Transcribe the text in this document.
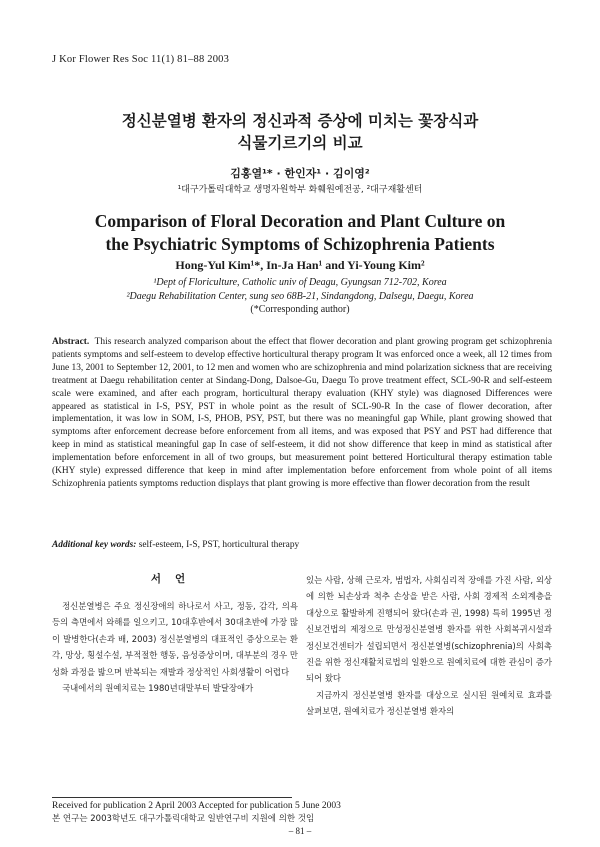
J Kor Flower Res Soc 11(1) 81–88 2003
정신분열병 환자의 정신과적 증상에 미치는 꽃장식과
식물기르기의 비교
김홍열¹* · 한인자¹ · 김이영²
¹대구가톨릭대학교 생명자원학부 화훼원예전공, ²대구재활센터
Comparison of Floral Decoration and Plant Culture on
the Psychiatric Symptoms of Schizophrenia Patients
Hong-Yul Kim¹*, In-Ja Han¹ and Yi-Young Kim²
¹Dept of Floriculture, Catholic univ of Deagu, Gyungsan 712-702, Korea
²Daegu Rehabilitation Center, sung seo 68B-21, Sindangdong, Dalsegu, Daegu, Korea
(*Corresponding author)
Abstract. This research analyzed comparison about the effect that flower decoration and plant growing program get schizophrenia patients symptoms and self-esteem to develop effective horticultural therapy program It was enforced once a week, all 12 times from June 13, 2001 to September 12, 2001, to 12 men and women who are schizophrenia and mind polarization sickness that are receiving treatment at Daegu rehabilitation center at Sindang-Dong, Dalsoe-Gu, Daegu To prove treatment effect, SCL-90-R and self-esteem scale were examined, and after each program, horticultural therapy evaluation (KHY style) was diagnosed Differences were appeared as statistical in I-S, PSY, PST in whole point as the result of SCL-90-R In the case of flower decoration, after implementation, it was low in SOM, I-S, PHOB, PSY, PST, but there was no meaningful gap While, plant growing showed that symptoms after enforcement decrease before enforcement from all items, and was exposed that PSY and PST had difference that keep in mind as statistical meaningful gap In case of self-esteem, it did not show difference that keep in mind as statistical after implementation before enforcement in all of two groups, but measurement point bettered Horticultural therapy estimation table (KHY style) expressed difference that keep in mind after implementation before enforcement from whole point of all items Schizophrenia patients symptoms reduction displays that plant growing is more effective than flower decoration from the result
Additional key words: self-esteem, I-S, PST, horticultural therapy
서언

정신분열병은 주요 정신장애의 하나로서 사고, 정동, 감각, 의욕 등의 측면에서 와해를 일으키고, 10대후반에서 30대초반에 가장 많이 발병한다(손과 배, 2003) 정신분열병의 대표적인 증상으로는 환각, 망상, 횡설수설, 부적절한 행동, 음성증상이며, 대부분의 경우 만성화 과정을 밟으며 반복되는 재발과 정상적인 사회생활이 어렵다

국내에서의 원예치료는 1980년대말부터 발달장애가

있는 사람, 상해 근로자, 범법자, 사회심리적 장애를 가진 사람, 외상에 의한 뇌손상과 척추 손상을 받은 사람, 사회 경제적 소외계층을 대상으로 활발하게 진행되어 왔다(손과 권, 1998) 특히 1995년 정신보건법의 제정으로 만성정신분열병 환자를 위한 사회복귀시설과 정신보건센터가 설립되면서 정신분열병(schizophrenia)의 사회촉진을 위한 정신재활치료법의 일환으로 원예치료에 대한 관심이 증가되어 왔다

지금까지 정신분열병 환자를 대상으로 실시된 원예치료 효과를 살펴보면, 원예치료가 정신분열병 환자의

Received for publication 2 April 2003 Accepted for publication 5 June 2003
본 연구는 2003학년도 대구가톨릭대학교 일반연구비 지원에 의한 것임
– 81 –
